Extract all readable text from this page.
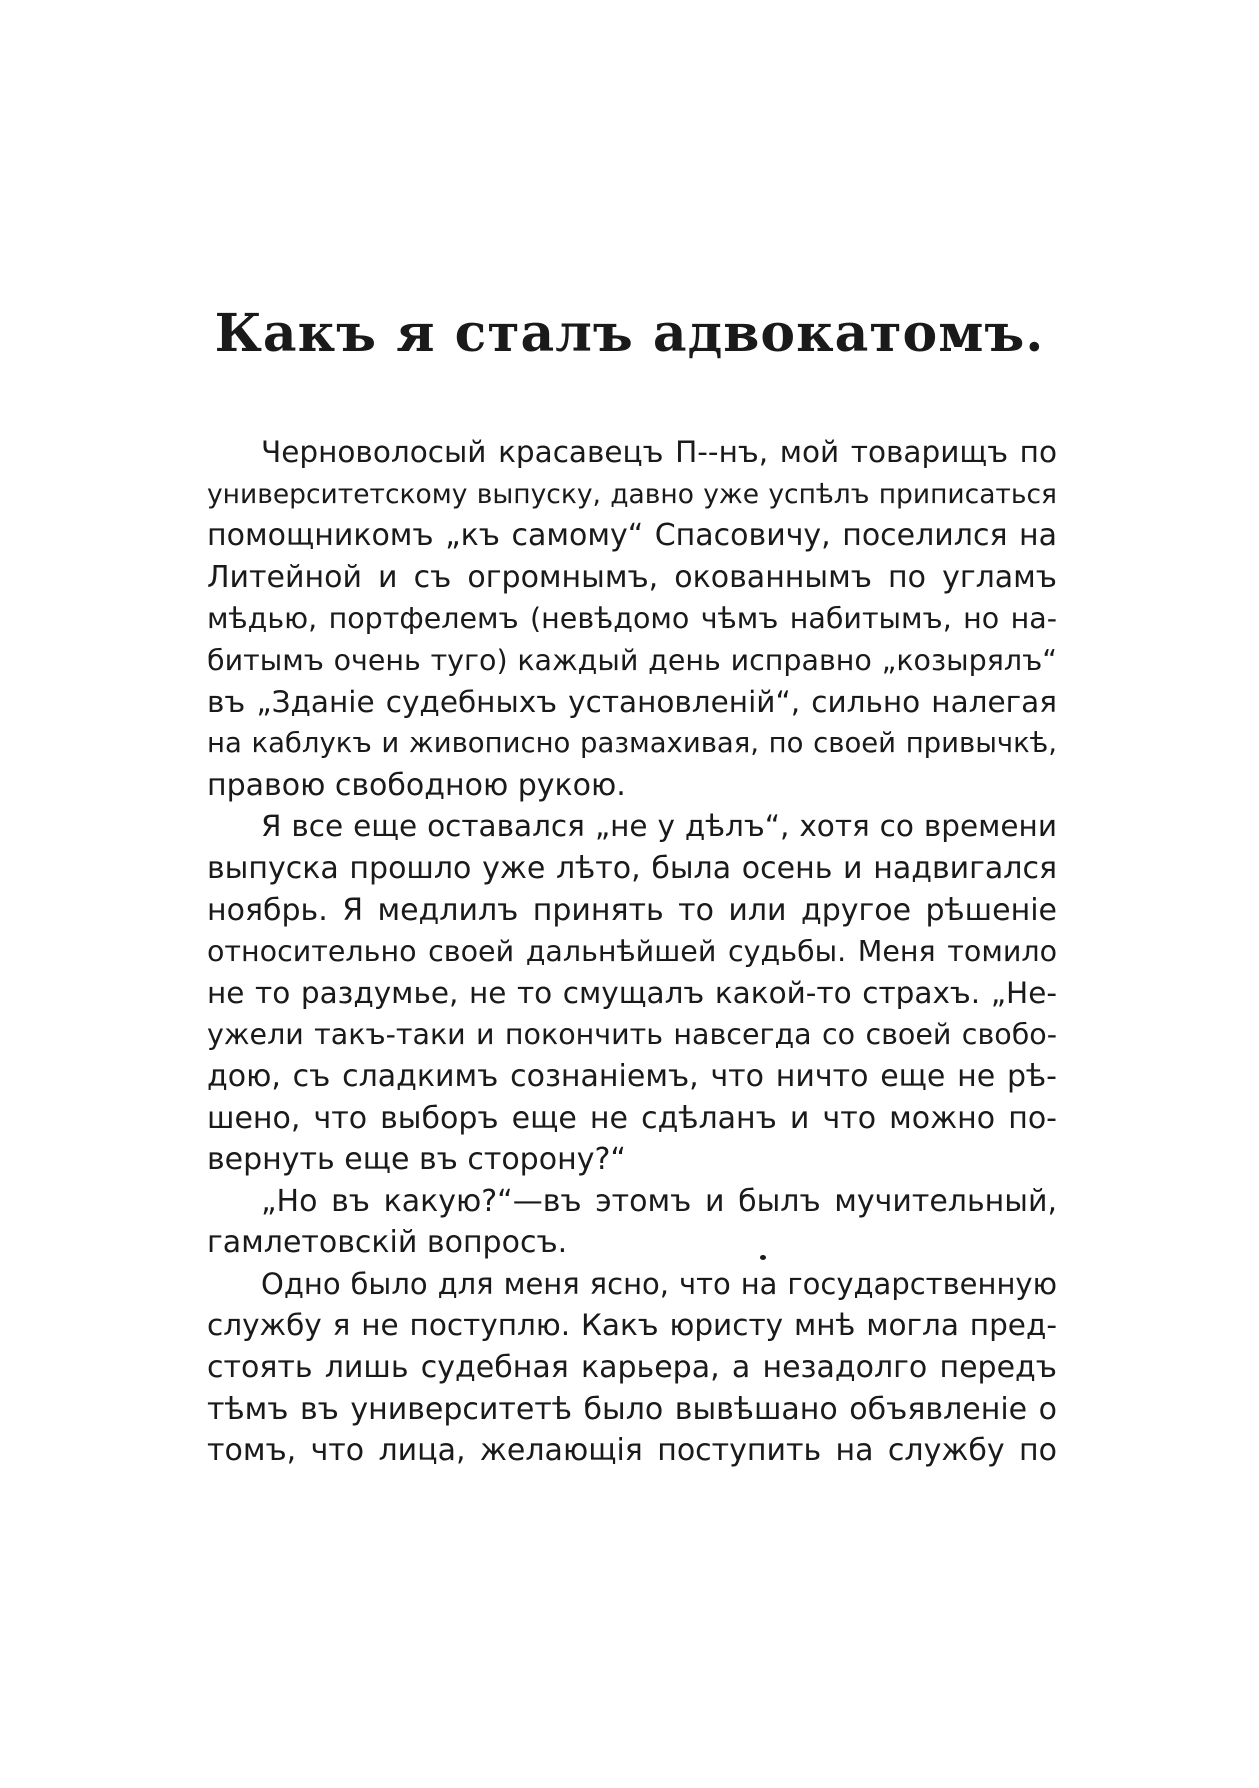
Какъ я сталъ адвокатомъ.
Черноволосый красавецъ П--нъ, мой товарищъ по
университетскому выпуску, давно уже успѣлъ приписаться
помощникомъ „къ самому“ Спасовичу, поселился на
Литейной и съ огромнымъ, окованнымъ по угламъ
мѣдью, портфелемъ (невѣдомо чѣмъ набитымъ, но на-
битымъ очень туго) каждый день исправно „козырялъ“
въ „Зданіе судебныхъ установленій“, сильно налегая
на каблукъ и живописно размахивая, по своей привычкѣ,
правою свободною рукою.
Я все еще оставался „не у дѣлъ“, хотя со времени
выпуска прошло уже лѣто, была осень и надвигался
ноябрь. Я медлилъ принять то или другое рѣшеніе
относительно своей дальнѣйшей судьбы. Меня томило
не то раздумье, не то смущалъ какой-то страхъ. „Не-
ужели такъ-таки и покончить навсегда со своей свобо-
дою, съ сладкимъ сознаніемъ, что ничто еще не рѣ-
шено, что выборъ еще не сдѣланъ и что можно по-
вернуть еще въ сторону?“
„Но въ какую?“—въ этомъ и былъ мучительный,
гамлетовскій вопросъ.
Одно было для меня ясно, что на государственную
службу я не поступлю. Какъ юристу мнѣ могла пред-
стоять лишь судебная карьера, а незадолго передъ
тѣмъ въ университетѣ было вывѣшано объявленіе о
томъ, что лица, желающія поступить на службу по
